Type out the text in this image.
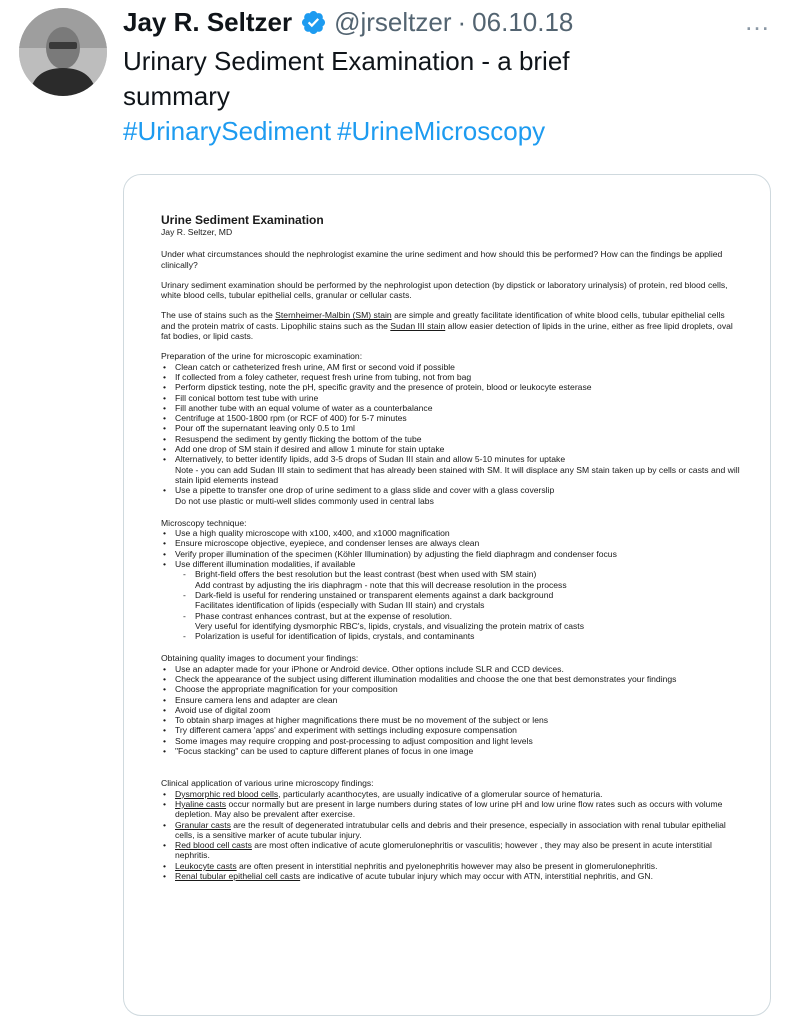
Jay R. Seltzer @jrseltzer · 06.10.18	…
Urinary Sediment Examination - a brief
summary
#UrinarySediment #UrineMicroscopy
Urine Sediment Examination
Jay R. Seltzer, MD

Under what circumstances should the nephrologist examine the urine sediment and how should this be performed? How can the findings be applied clinically?

Urinary sediment examination should be performed by the nephrologist upon detection (by dipstick or laboratory urinalysis) of protein, red blood cells, white blood cells, tubular epithelial cells, granular or cellular casts.

The use of stains such as the Sternheimer-Malbin (SM) stain are simple and greatly facilitate identification of white blood cells, tubular epithelial cells and the protein matrix of casts. Lipophilic stains such as the Sudan III stain allow easier detection of lipids in the urine, either as free lipid droplets, oval fat bodies, or lipid casts.

Preparation of the urine for microscopic examination:
• Clean catch or catheterized fresh urine, AM first or second void if possible
• If collected from a foley catheter, request fresh urine from tubing, not from bag
• Perform dipstick testing, note the pH, specific gravity and the presence of protein, blood or leukocyte esterase
• Fill conical bottom test tube with urine
• Fill another tube with an equal volume of water as a counterbalance
• Centrifuge at 1500-1800 rpm (or RCF of 400) for 5-7 minutes
• Pour off the supernatant leaving only 0.5 to 1ml
• Resuspend the sediment by gently flicking the bottom of the tube
• Add one drop of SM stain if desired and allow 1 minute for stain uptake
• Alternatively, to better identify lipids, add 3-5 drops of Sudan III stain and allow 5-10 minutes for uptake
Note - you can add Sudan III stain to sediment that has already been stained with SM. It will displace any SM stain taken up by cells or casts and will stain lipid elements instead
• Use a pipette to transfer one drop of urine sediment to a glass slide and cover with a glass coverslip
Do not use plastic or multi-well slides commonly used in central labs
Microscopy technique:
• Use a high quality microscope with x100, x400, and x1000 magnification
• Ensure microscope objective, eyepiece, and condenser lenses are always clean
• Verify proper illumination of the specimen (Köhler Illumination) by adjusting the field diaphragm and condenser focus
• Use different illumination modalities, if available
- Bright-field offers the best resolution but the least contrast (best when used with SM stain)
Add contrast by adjusting the iris diaphragm - note that this will decrease resolution in the process
- Dark-field is useful for rendering unstained or transparent elements against a dark background
Facilitates identification of lipids (especially with Sudan III stain) and crystals
- Phase contrast enhances contrast, but at the expense of resolution.
Very useful for identifying dysmorphic RBC's, lipids, crystals, and visualizing the protein matrix of casts
- Polarization is useful for identification of lipids, crystals, and contaminants
Obtaining quality images to document your findings:
• Use an adapter made for your iPhone or Android device. Other options include SLR and CCD devices.
• Check the appearance of the subject using different illumination modalities and choose the one that best demonstrates your findings
• Choose the appropriate magnification for your composition
• Ensure camera lens and adapter are clean
• Avoid use of digital zoom
• To obtain sharp images at higher magnifications there must be no movement of the subject or lens
• Try different camera 'apps' and experiment with settings including exposure compensation
• Some images may require cropping and post-processing to adjust composition and light levels
• "Focus stacking" can be used to capture different planes of focus in one image
Clinical application of various urine microscopy findings:
• Dysmorphic red blood cells, particularly acanthocytes, are usually indicative of a glomerular source of hematuria.
• Hyaline casts occur normally but are present in large numbers during states of low urine pH and low urine flow rates such as occurs with volume depletion. May also be prevalent after exercise.
• Granular casts are the result of degenerated intratubular cells and debris and their presence, especially in association with renal tubular epithelial cells, is a sensitive marker of acute tubular injury.
• Red blood cell casts are most often indicative of acute glomerulonephritis or vasculitis; however , they may also be present in acute interstitial nephritis.
• Leukocyte casts are often present in interstitial nephritis and pyelonephritis however may also be present in glomerulonephritis.
• Renal tubular epithelial cell casts are indicative of acute tubular injury which may occur with ATN, interstitial nephritis, and GN.
